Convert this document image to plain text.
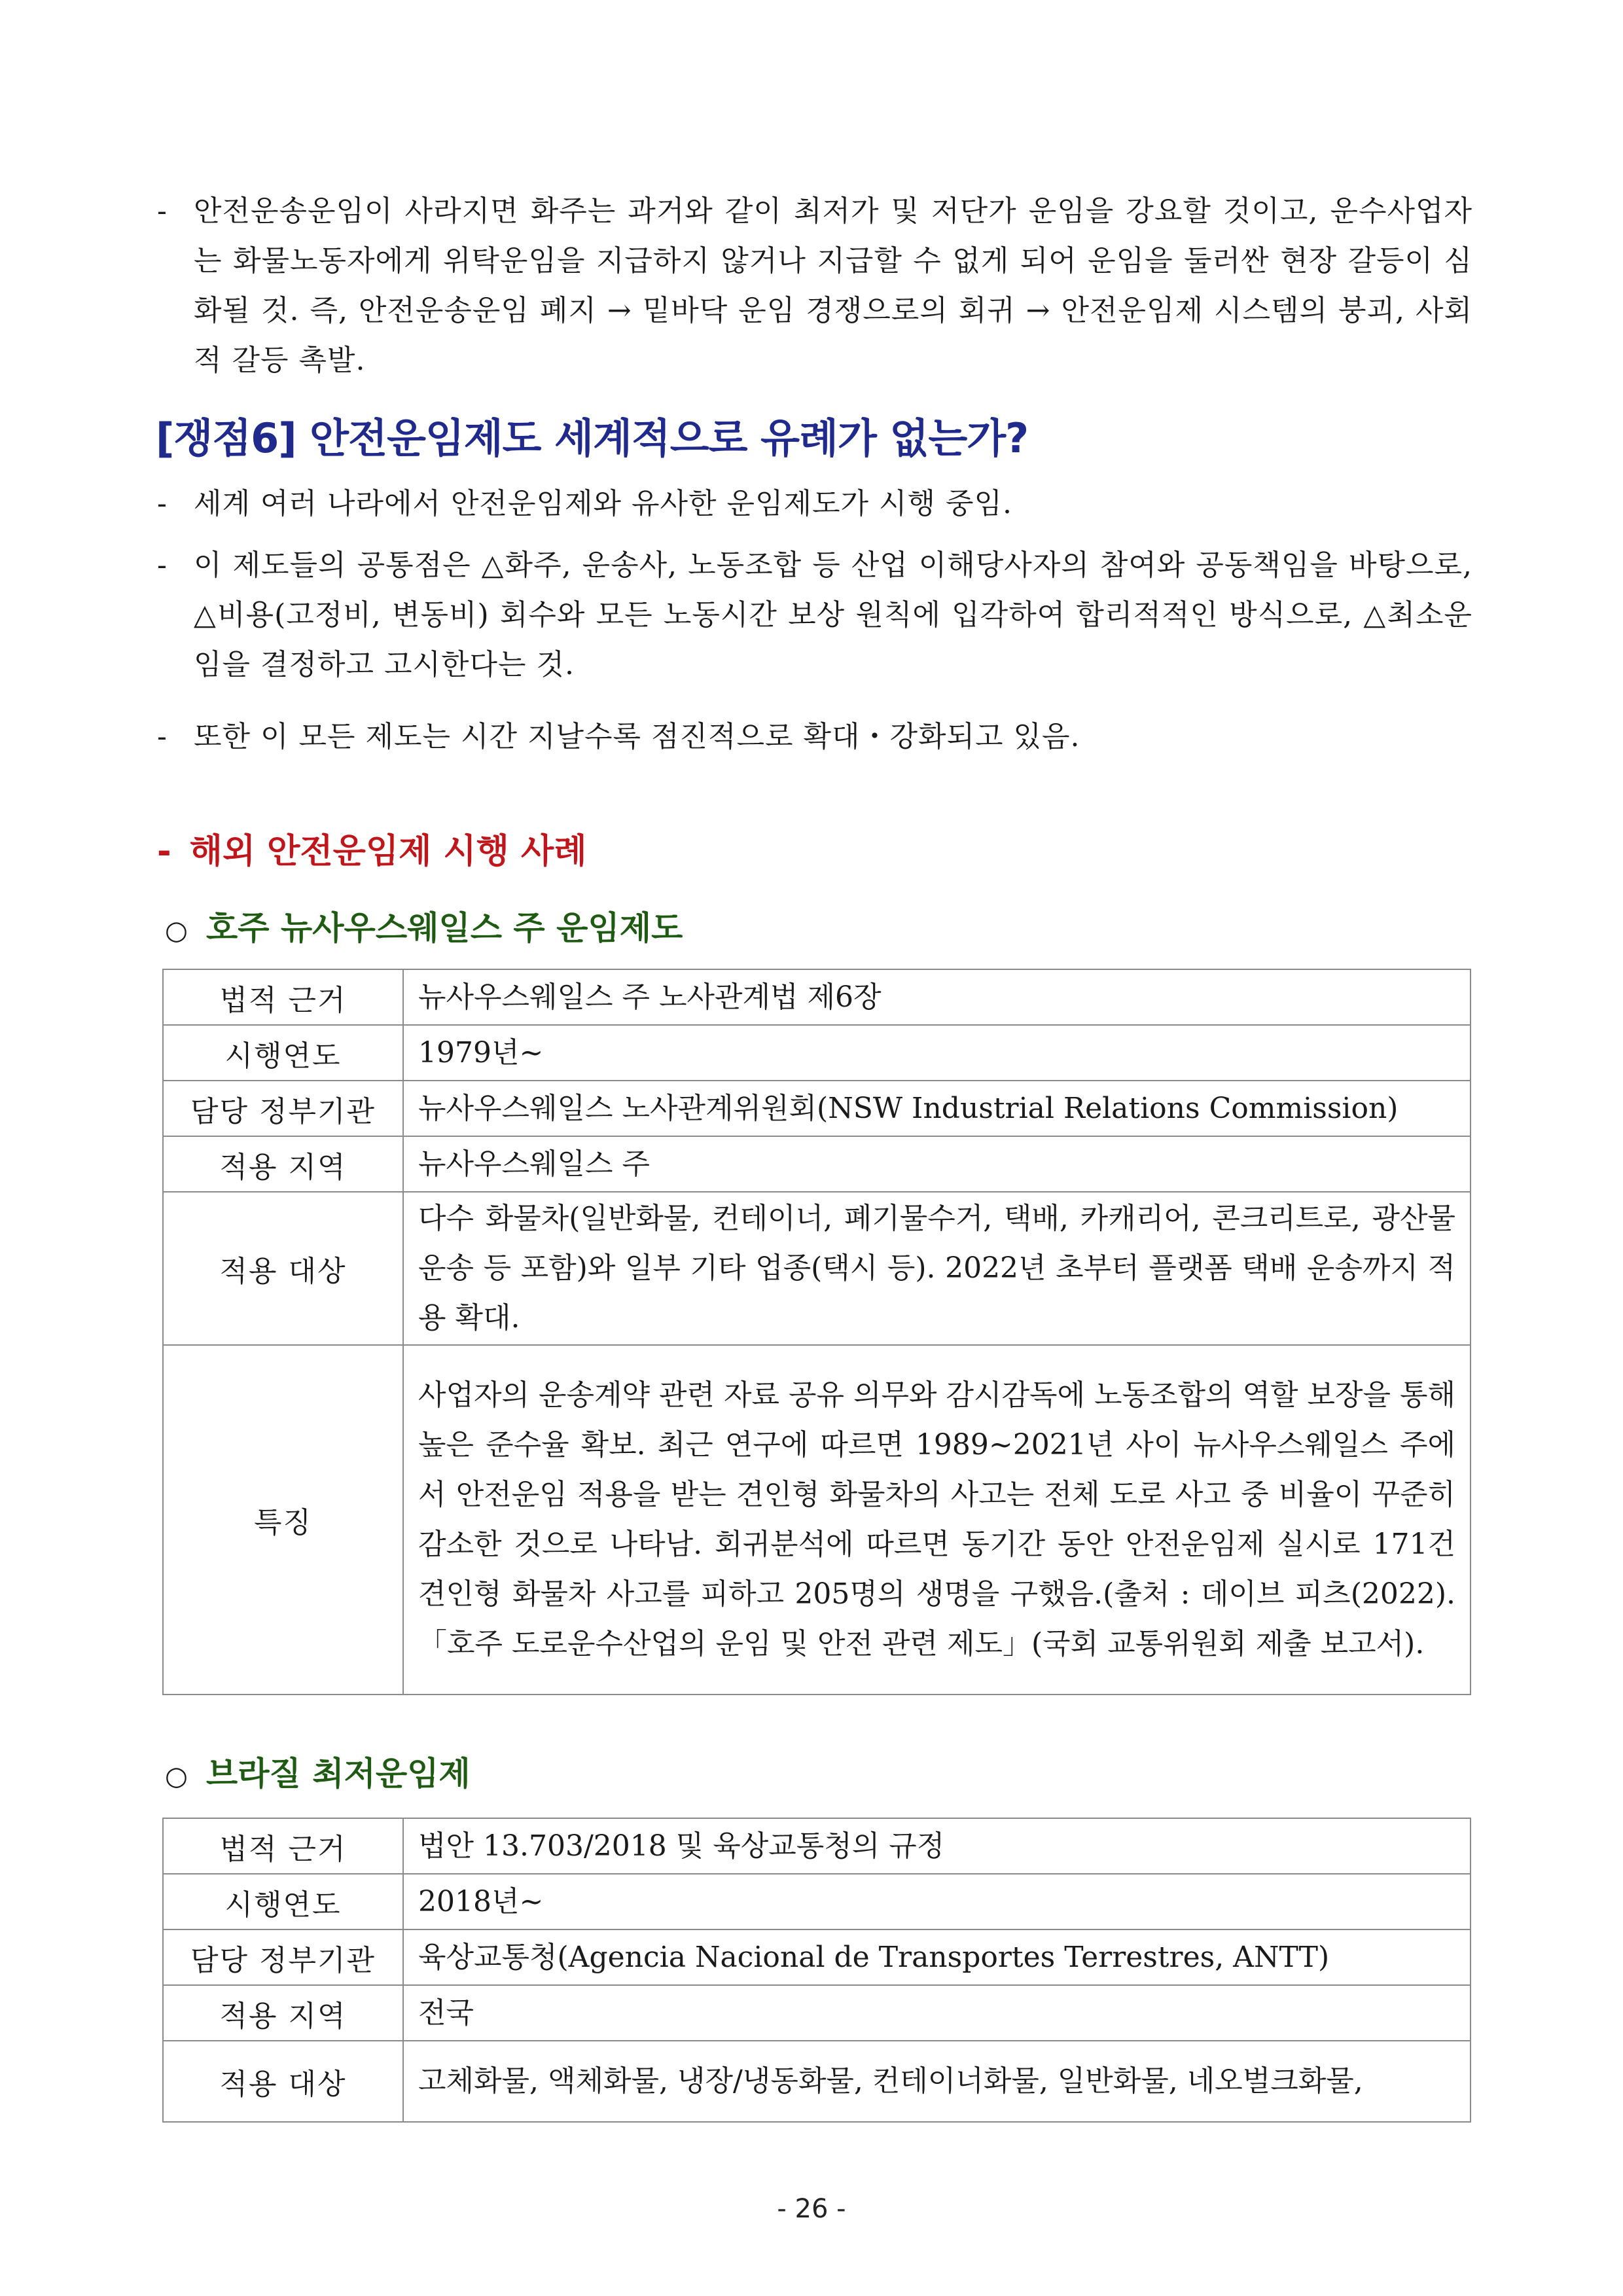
- 안전운송운임이 사라지면 화주는 과거와 같이 최저가 및 저단가 운임을 강요할 것이고, 운수사업자는 화물노동자에게 위탁운임을 지급하지 않거나 지급할 수 없게 되어 운임을 둘러싼 현장 갈등이 심화될 것. 즉, 안전운송운임 폐지 → 밑바닥 운임 경쟁으로의 회귀 → 안전운임제 시스템의 붕괴, 사회적 갈등 촉발.
[쟁점6] 안전운임제도 세계적으로 유례가 없는가?
- 세계 여러 나라에서 안전운임제와 유사한 운임제도가 시행 중임.
- 이 제도들의 공통점은 △화주, 운송사, 노동조합 등 산업 이해당사자의 참여와 공동책임을 바탕으로, △비용(고정비, 변동비) 회수와 모든 노동시간 보상 원칙에 입각하여 합리적적인 방식으로, △최소운임을 결정하고 고시한다는 것.
- 또한 이 모든 제도는 시간 지날수록 점진적으로 확대・강화되고 있음.
- 해외 안전운임제 시행 사례
○ 호주 뉴사우스웨일스 주 운임제도
법적 근거	뉴사우스웨일스 주 노사관계법 제6장
시행연도	1979년~
담당 정부기관	뉴사우스웨일스 노사관계위원회(NSW Industrial Relations Commission)
적용 지역	뉴사우스웨일스 주
적용 대상	다수 화물차(일반화물, 컨테이너, 폐기물수거, 택배, 카캐리어, 콘크리트로, 광산물 운송 등 포함)와 일부 기타 업종(택시 등). 2022년 초부터 플랫폼 택배 운송까지 적용 확대.
특징	사업자의 운송계약 관련 자료 공유 의무와 감시감독에 노동조합의 역할 보장을 통해 높은 준수율 확보. 최근 연구에 따르면 1989~2021년 사이 뉴사우스웨일스 주에서 안전운임 적용을 받는 견인형 화물차의 사고는 전체 도로 사고 중 비율이 꾸준히 감소한 것으로 나타남. 회귀분석에 따르면 동기간 동안 안전운임제 실시로 171건 견인형 화물차 사고를 피하고 205명의 생명을 구했음.(출처 : 데이브 피츠(2022). 「호주 도로운수산업의 운임 및 안전 관련 제도」(국회 교통위원회 제출 보고서).
○ 브라질 최저운임제
법적 근거	법안 13.703/2018 및 육상교통청의 규정
시행연도	2018년~
담당 정부기관	육상교통청(Agencia Nacional de Transportes Terrestres, ANTT)
적용 지역	전국
적용 대상	고체화물, 액체화물, 냉장/냉동화물, 컨테이너화물, 일반화물, 네오벌크화물,
- 26 -
